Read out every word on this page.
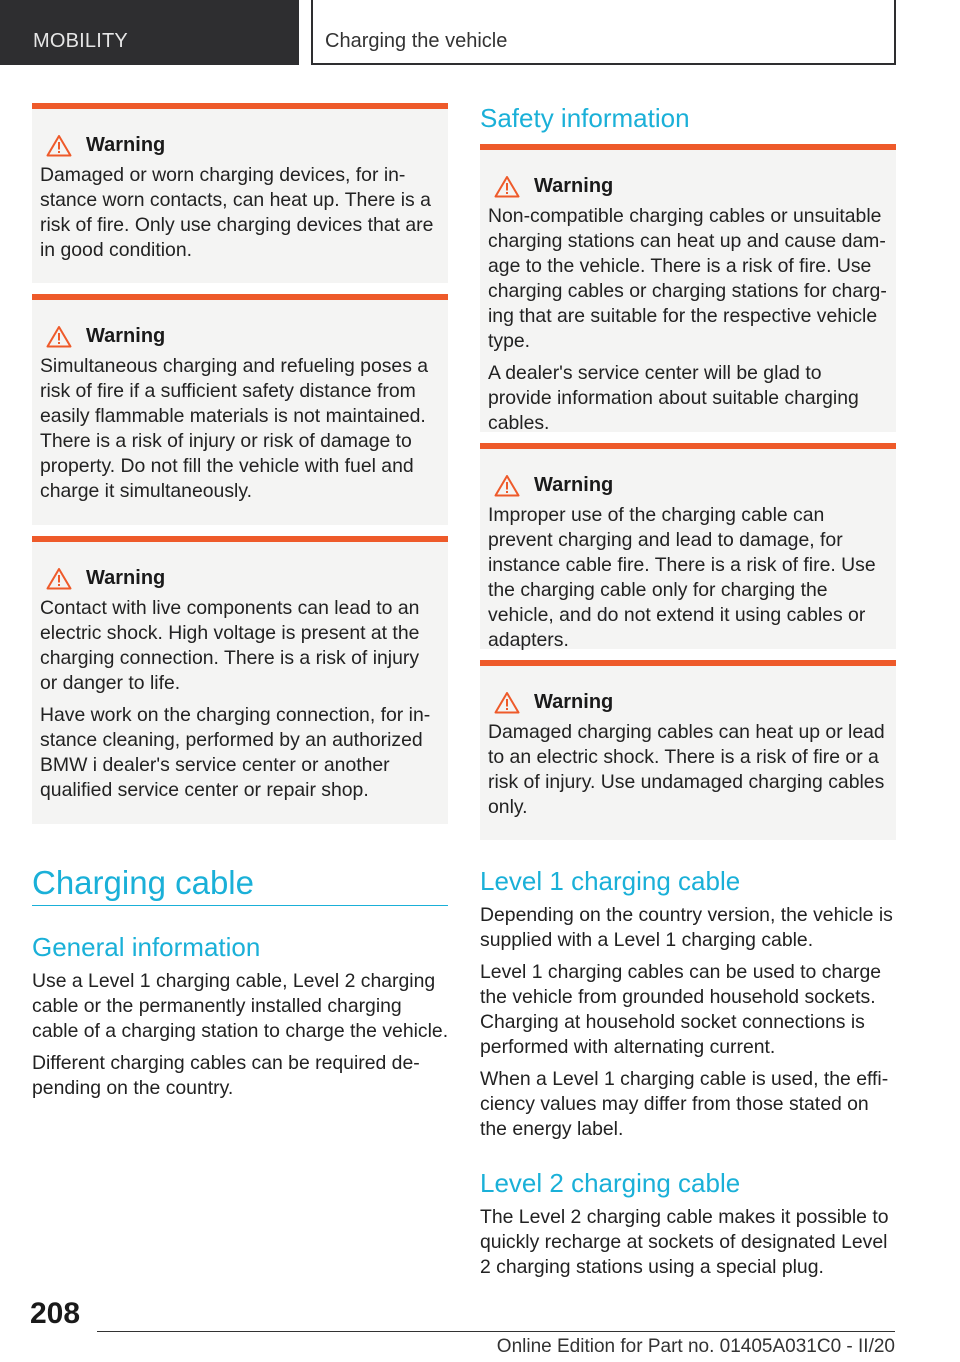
MOBILITY	Charging the vehicle
Warning

Damaged or worn charging devices, for instance worn contacts, can heat up. There is a risk of fire. Only use charging devices that are in good condition.

Warning

Simultaneous charging and refueling poses a risk of fire if a sufficient safety distance from easily flammable materials is not maintained. There is a risk of injury or risk of damage to property. Do not fill the vehicle with fuel and charge it simultaneously.

Warning

Contact with live components can lead to an electric shock. High voltage is present at the charging connection. There is a risk of injury or danger to life.

Have work on the charging connection, for instance cleaning, performed by an authorized BMW i dealer's service center or another qualified service center or repair shop.

Charging cable
General information

Use a Level 1 charging cable, Level 2 charging cable or the permanently installed charging cable of a charging station to charge the vehicle.

Different charging cables can be required depending on the country.

Safety information
Warning

Non-compatible charging cables or unsuitable charging stations can heat up and cause damage to the vehicle. There is a risk of fire. Use charging cables or charging stations for charging that are suitable for the respective vehicle type.

A dealer's service center will be glad to provide information about suitable charging cables.

Warning

Improper use of the charging cable can prevent charging and lead to damage, for instance cable fire. There is a risk of fire. Use the charging cable only for charging the vehicle, and do not extend it using cables or adapters.

Warning

Damaged charging cables can heat up or lead to an electric shock. There is a risk of fire or a risk of injury. Use undamaged charging cables only.

Level 1 charging cable

Depending on the country version, the vehicle is supplied with a Level 1 charging cable.

Level 1 charging cables can be used to charge the vehicle from grounded household sockets. Charging at household socket connections is performed with alternating current.

When a Level 1 charging cable is used, the efficiency values may differ from those stated on the energy label.

Level 2 charging cable

The Level 2 charging cable makes it possible to quickly recharge at sockets of designated Level 2 charging stations using a special plug.

208
Online Edition for Part no. 01405A031C0 - II/20
